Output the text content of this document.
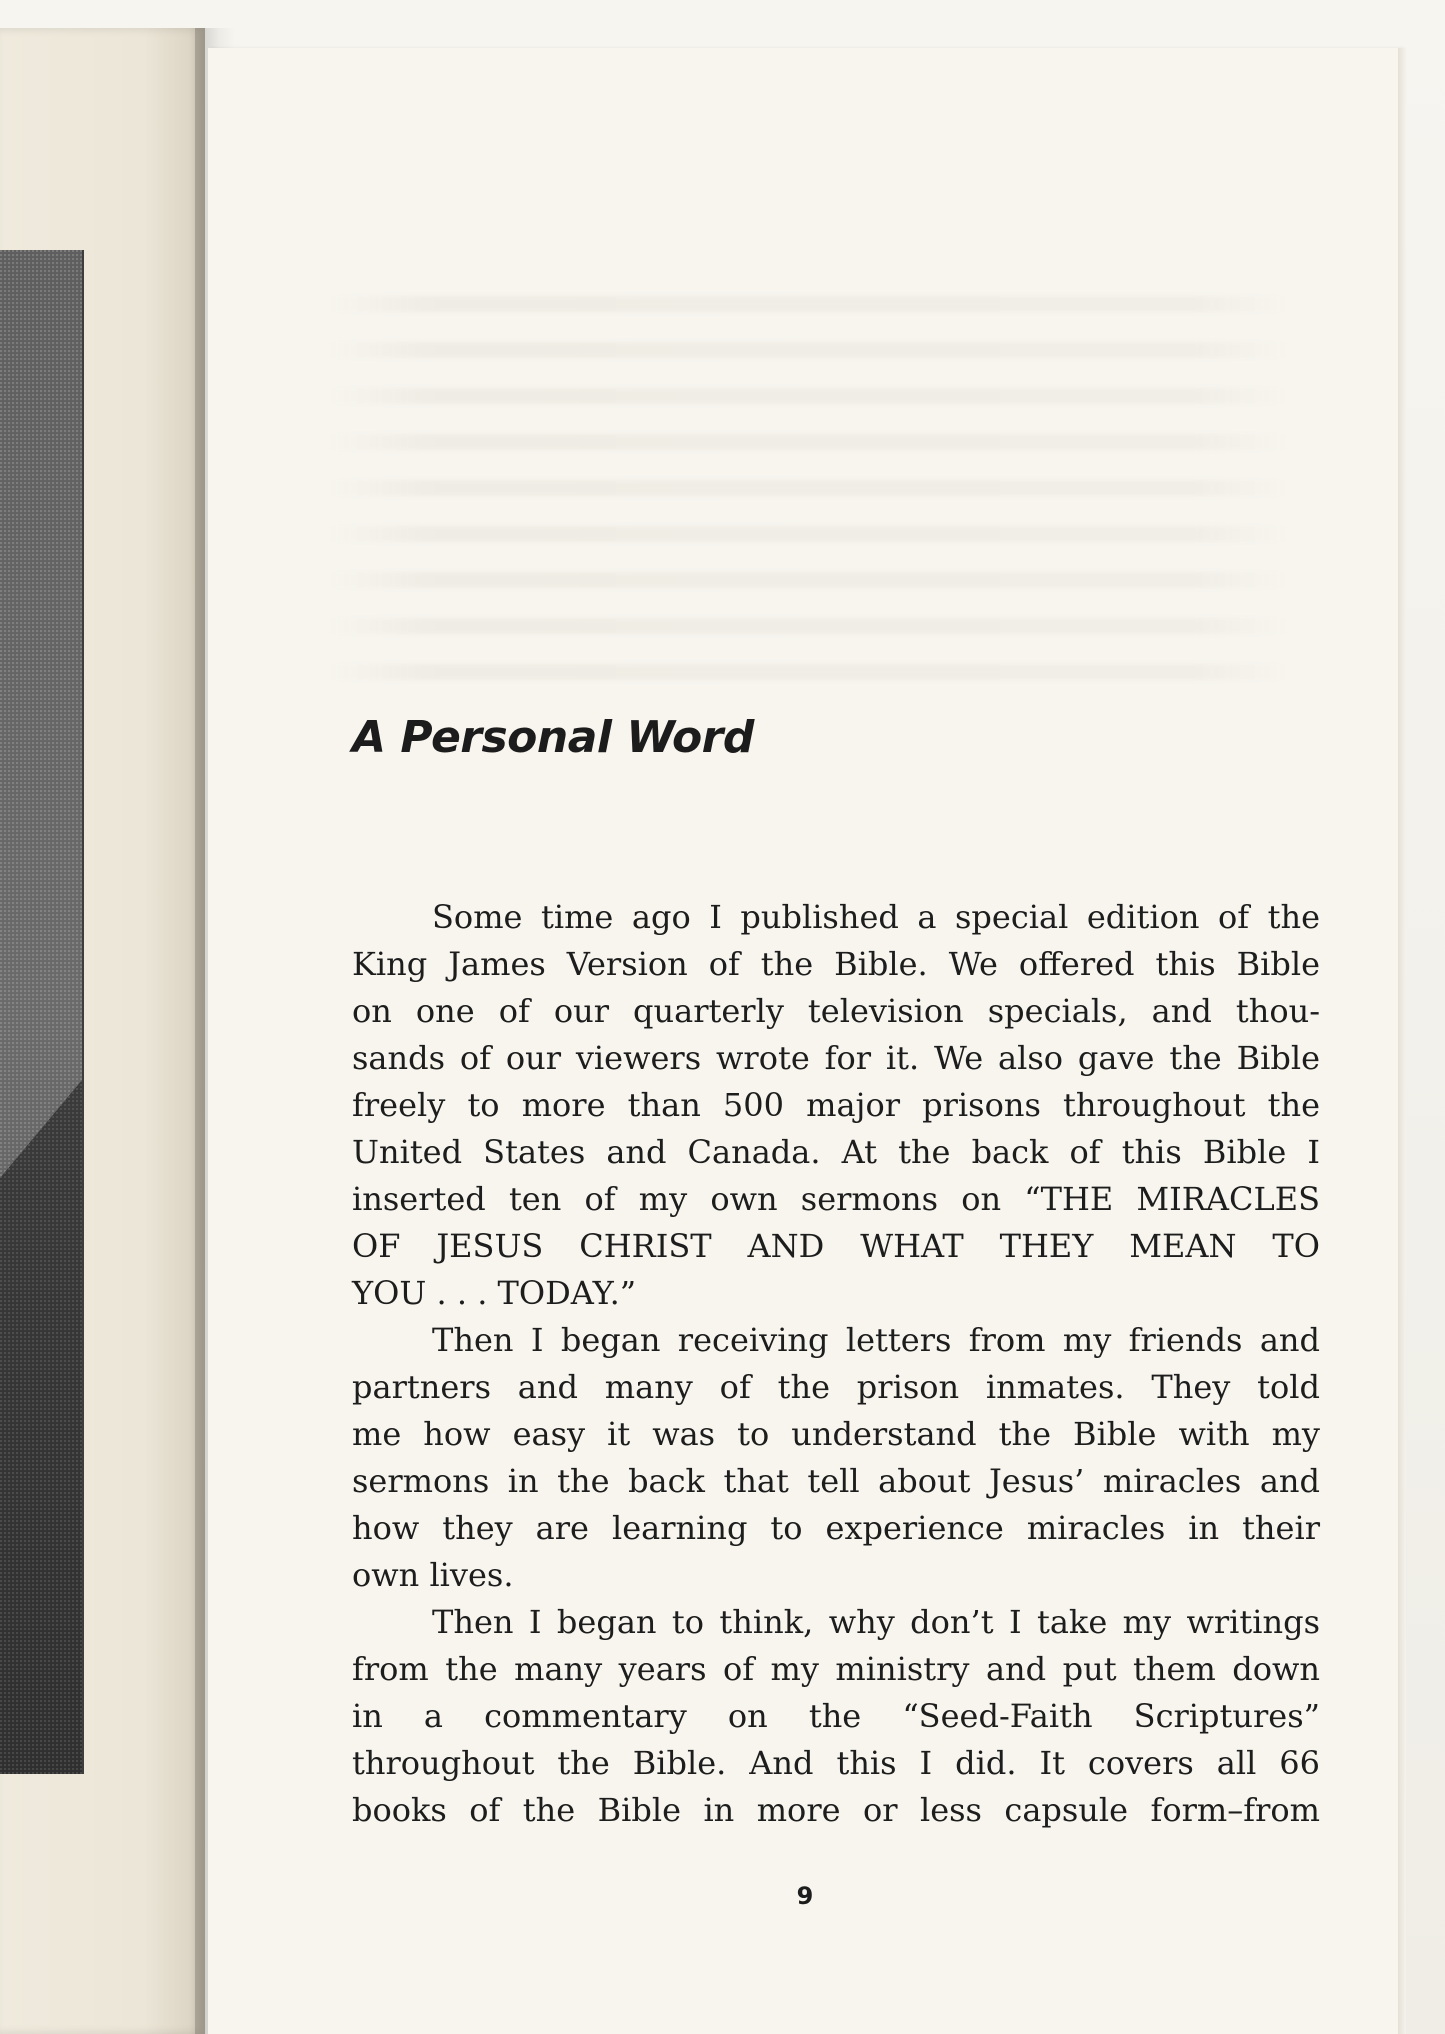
A Personal Word
Some time ago I published a special edition of the
King James Version of the Bible. We offered this Bible
on one of our quarterly television specials, and thou-
sands of our viewers wrote for it. We also gave the Bible
freely to more than 500 major prisons throughout the
United States and Canada. At the back of this Bible I
inserted ten of my own sermons on “THE MIRACLES
OF JESUS CHRIST AND WHAT THEY MEAN TO
YOU . . . TODAY.”
Then I began receiving letters from my friends and
partners and many of the prison inmates. They told
me how easy it was to understand the Bible with my
sermons in the back that tell about Jesus’ miracles and
how they are learning to experience miracles in their
own lives.
Then I began to think, why don’t I take my writings
from the many years of my ministry and put them down
in a commentary on the “Seed-Faith Scriptures”
throughout the Bible. And this I did. It covers all 66
books of the Bible in more or less capsule form–from
9
